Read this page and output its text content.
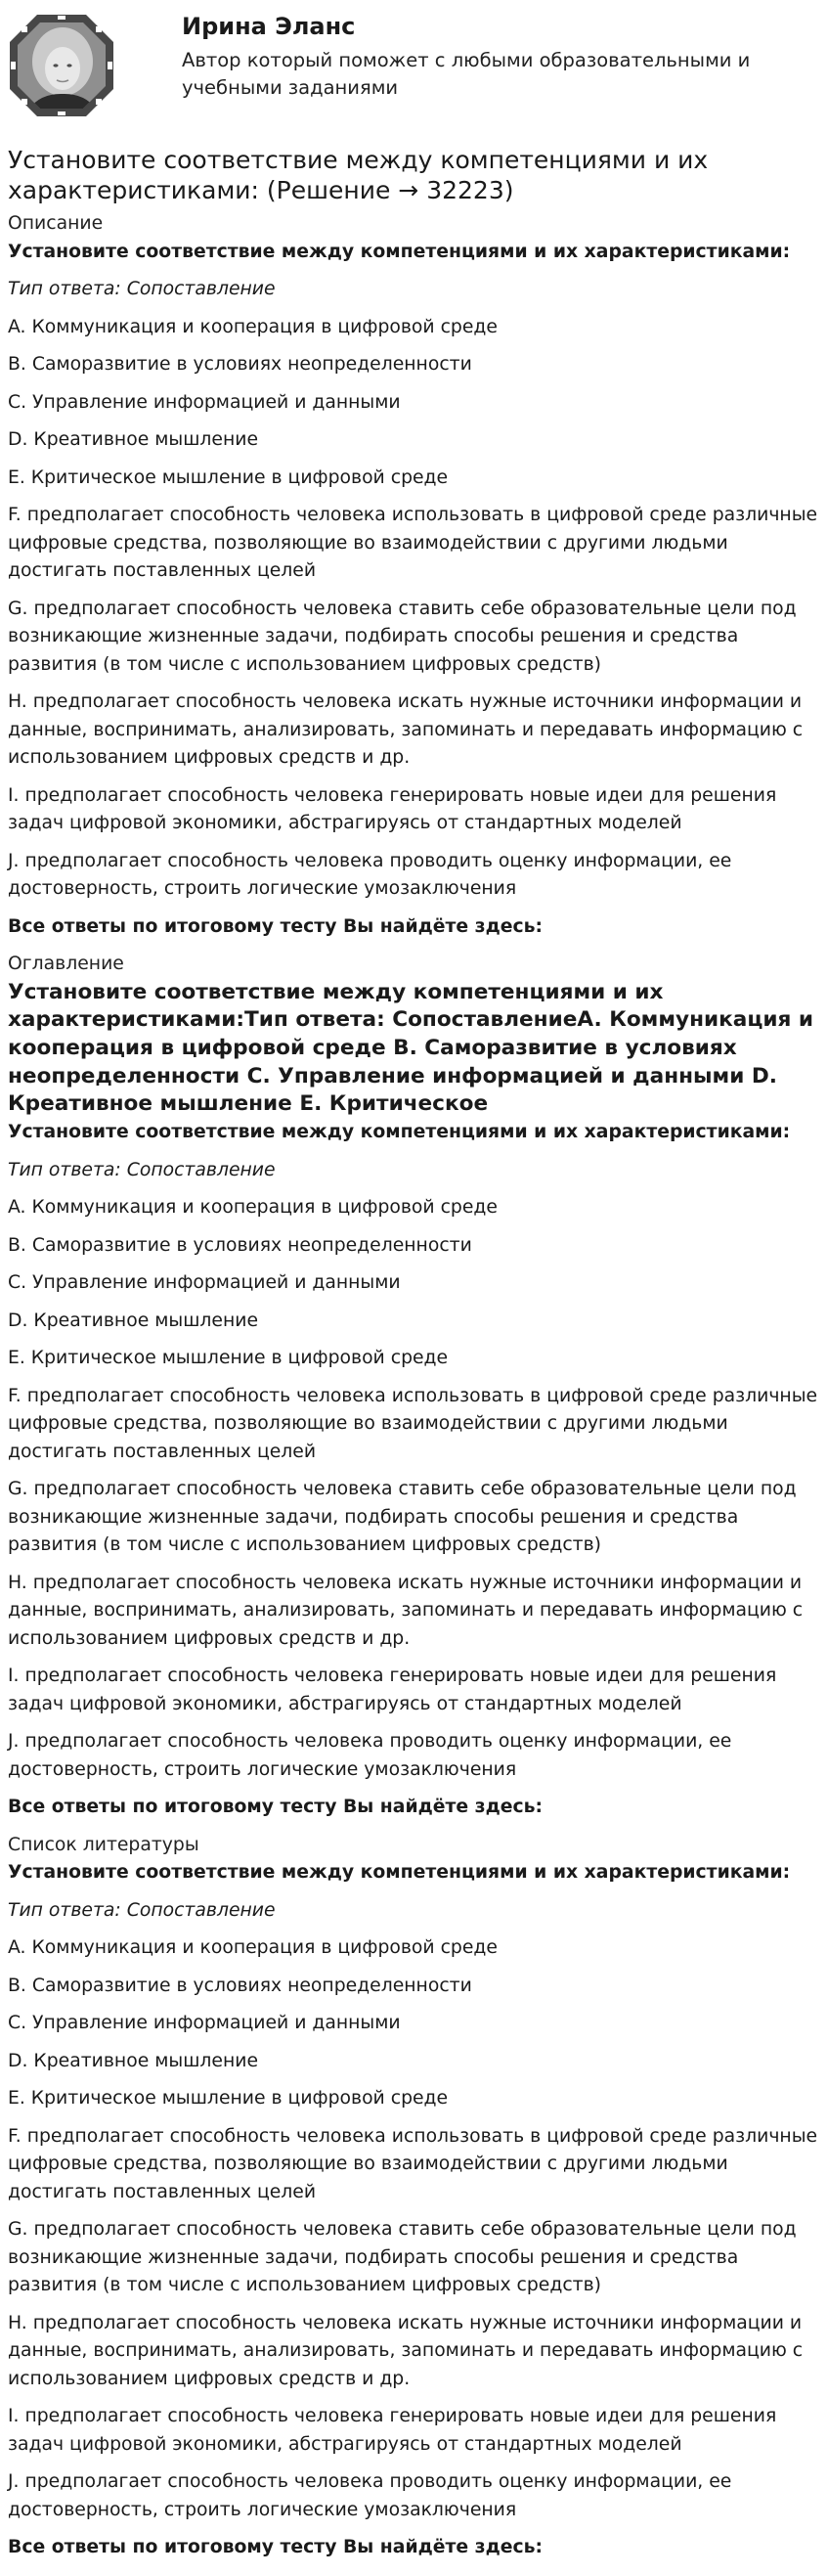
Ирина Эланс
Автор который поможет с любыми образовательными и учебными заданиями
Установите соответствие между компетенциями и их характеристиками: (Решение → 32223)
Описание

Установите соответствие между компетенциями и их характеристиками:

Тип ответа: Сопоставление

A. Коммуникация и кооперация в цифровой среде

B. Саморазвитие в условиях неопределенности

C. Управление информацией и данными

D. Креативное мышление

E. Критическое мышление в цифровой среде

F. предполагает способность человека использовать в цифровой среде различные цифровые средства, позволяющие во взаимодействии с другими людьми достигать поставленных целей

G. предполагает способность человека ставить себе образовательные цели под возникающие жизненные задачи, подбирать способы решения и средства развития (в том числе с использованием цифровых средств)

H. предполагает способность человека искать нужные источники информации и данные, воспринимать, анализировать, запоминать и передавать информацию с использованием цифровых средств и др.

I. предполагает способность человека генерировать новые идеи для решения задач цифровой экономики, абстрагируясь от стандартных моделей

J. предполагает способность человека проводить оценку информации, ее достоверность, строить логические умозаключения

Все ответы по итоговому тесту Вы найдёте здесь:

Оглавление

Установите соответствие между компетенциями и их характеристиками:Тип ответа: СопоставлениеA. Коммуникация и кооперация в цифровой среде B. Саморазвитие в условиях неопределенности C. Управление информацией и данными D. Креативное мышление E. Критическое

Установите соответствие между компетенциями и их характеристиками:

Тип ответа: Сопоставление

A. Коммуникация и кооперация в цифровой среде

B. Саморазвитие в условиях неопределенности

C. Управление информацией и данными

D. Креативное мышление

E. Критическое мышление в цифровой среде

F. предполагает способность человека использовать в цифровой среде различные цифровые средства, позволяющие во взаимодействии с другими людьми достигать поставленных целей

G. предполагает способность человека ставить себе образовательные цели под возникающие жизненные задачи, подбирать способы решения и средства развития (в том числе с использованием цифровых средств)

H. предполагает способность человека искать нужные источники информации и данные, воспринимать, анализировать, запоминать и передавать информацию с использованием цифровых средств и др.

I. предполагает способность человека генерировать новые идеи для решения задач цифровой экономики, абстрагируясь от стандартных моделей

J. предполагает способность человека проводить оценку информации, ее достоверность, строить логические умозаключения

Все ответы по итоговому тесту Вы найдёте здесь:

Список литературы

Установите соответствие между компетенциями и их характеристиками:

Тип ответа: Сопоставление

A. Коммуникация и кооперация в цифровой среде

B. Саморазвитие в условиях неопределенности

C. Управление информацией и данными

D. Креативное мышление

E. Критическое мышление в цифровой среде

F. предполагает способность человека использовать в цифровой среде различные цифровые средства, позволяющие во взаимодействии с другими людьми достигать поставленных целей

G. предполагает способность человека ставить себе образовательные цели под возникающие жизненные задачи, подбирать способы решения и средства развития (в том числе с использованием цифровых средств)

H. предполагает способность человека искать нужные источники информации и данные, воспринимать, анализировать, запоминать и передавать информацию с использованием цифровых средств и др.

I. предполагает способность человека генерировать новые идеи для решения задач цифровой экономики, абстрагируясь от стандартных моделей

J. предполагает способность человека проводить оценку информации, ее достоверность, строить логические умозаключения

Все ответы по итоговому тесту Вы найдёте здесь:
